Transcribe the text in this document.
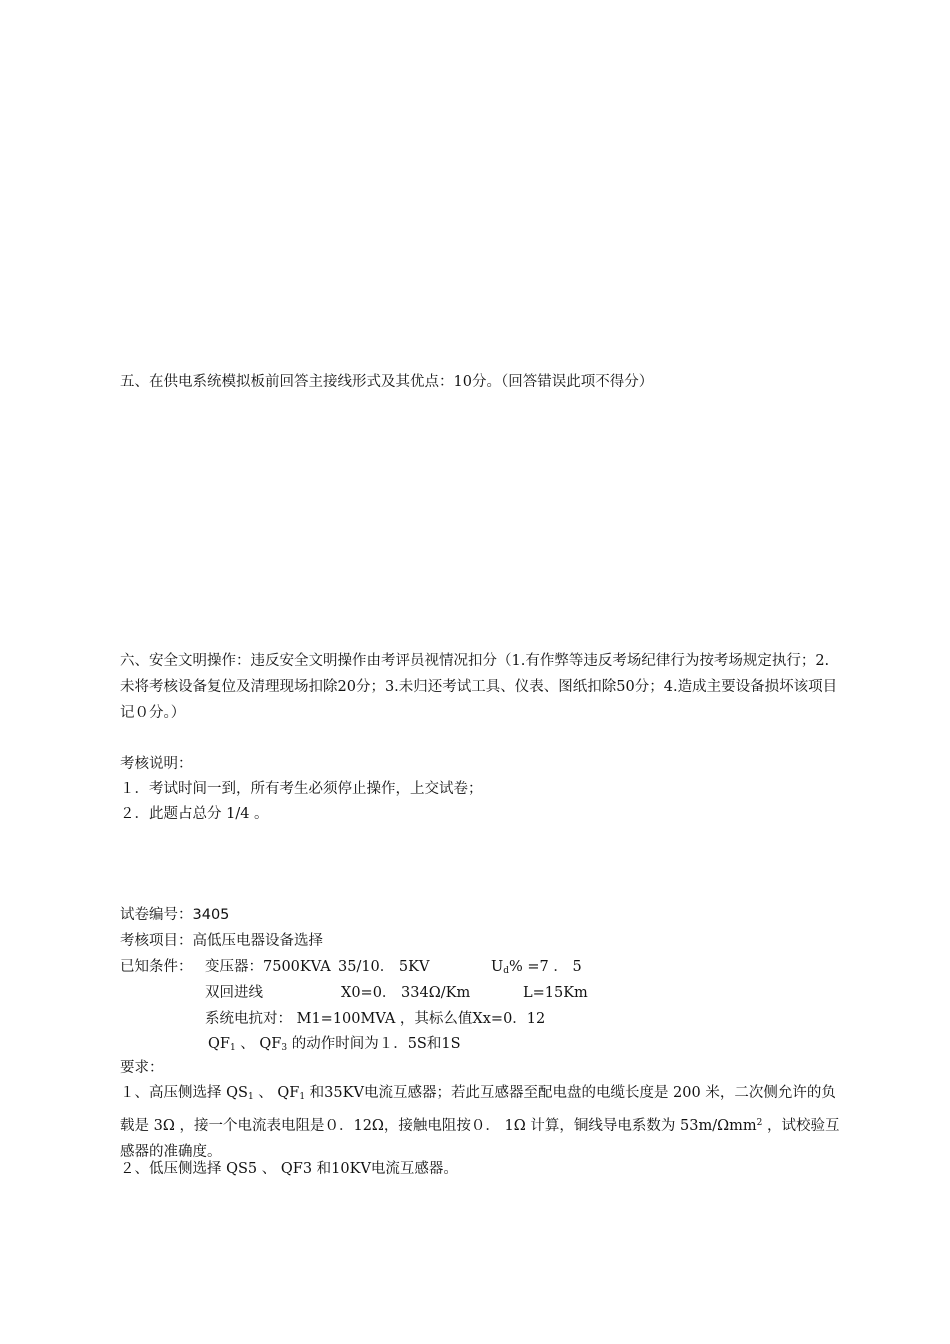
五、在供电系统模拟板前回答主接线形式及其优点：10分。（回答错误此项不得分）
六、安全文明操作：违反安全文明操作由考评员视情况扣分（1.有作弊等违反考场纪律行为按考场规定执行；2.未将考核设备复位及清理现场扣除20分；3.未归还考试工具、仪表、图纸扣除50分；4.造成主要设备损坏该项目记０分。）
考核说明：
１．考试时间一到，所有考生必须停止操作，上交试卷；
２．此题占总分 1/4 。
试卷编号：3405
考核项目：高低压电器设备选择
已知条件： 变压器：7500KVA 35/10． 5KV	$U_d\% =7$ ． 5
双回进线	X0=0． 334Ω/Km	L=15Km
系统电抗对： M1=100MVA ，其标么值Xx=0．12
$QF_1$ 、 $QF_3$ 的动作时间为１．5S和1S
要求：
１、高压侧选择 $QS_1$ 、 $QF_1$ 和35KV电流互感器；若此互感器至配电盘的电缆长度是 200 米，二次侧允许的负载是 3Ω ，接一个电流表电阻是０．12Ω，接触电阻按０． 1Ω 计算，铜线导电系数为 53m/Ωmm$^2$ ，试校验互感器的准确度。
２、低压侧选择 QS5 、 QF3 和10KV电流互感器。
